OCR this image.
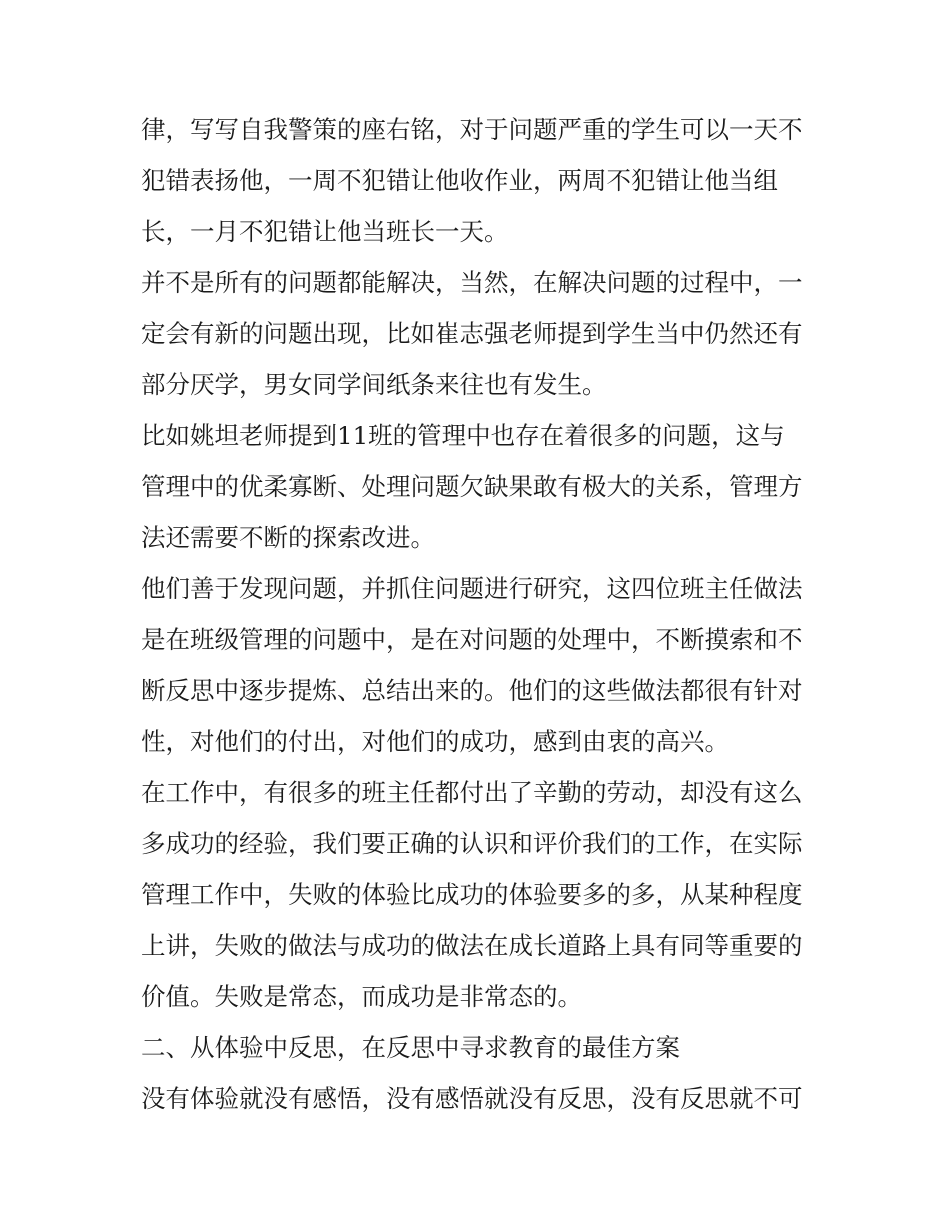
律，写写自我警策的座右铭，对于问题严重的学生可以一天不
犯错表扬他，一周不犯错让他收作业，两周不犯错让他当组
长，一月不犯错让他当班长一天。
并不是所有的问题都能解决，当然，在解决问题的过程中，一
定会有新的问题出现，比如崔志强老师提到学生当中仍然还有
部分厌学，男女同学间纸条来往也有发生。
比如姚坦老师提到11班的管理中也存在着很多的问题，这与
管理中的优柔寡断、处理问题欠缺果敢有极大的关系，管理方
法还需要不断的探索改进。
他们善于发现问题，并抓住问题进行研究，这四位班主任做法
是在班级管理的问题中，是在对问题的处理中，不断摸索和不
断反思中逐步提炼、总结出来的。他们的这些做法都很有针对
性，对他们的付出，对他们的成功，感到由衷的高兴。
在工作中，有很多的班主任都付出了辛勤的劳动，却没有这么
多成功的经验，我们要正确的认识和评价我们的工作，在实际
管理工作中，失败的体验比成功的体验要多的多，从某种程度
上讲，失败的做法与成功的做法在成长道路上具有同等重要的
价值。失败是常态，而成功是非常态的。
二、从体验中反思，在反思中寻求教育的最佳方案
没有体验就没有感悟，没有感悟就没有反思，没有反思就不可
